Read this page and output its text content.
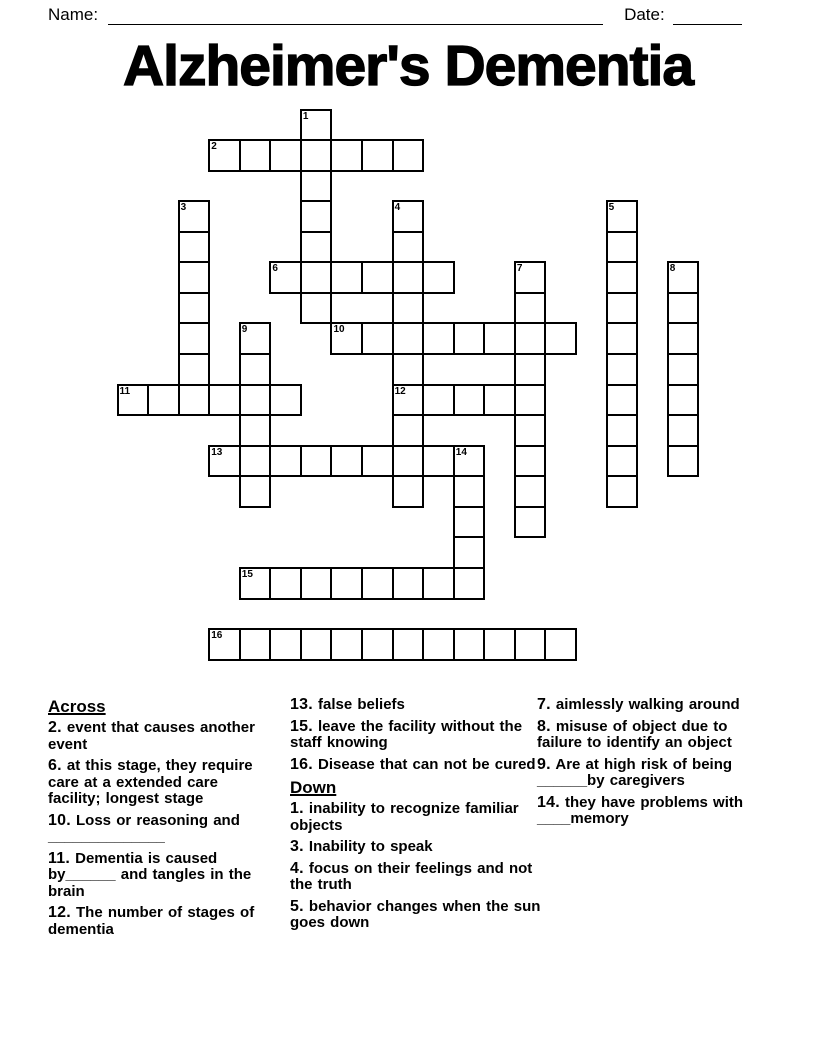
Name:	Date:
Alzheimer's Dementia
1
2
3	4
12
5
6	7	8
9	10
11
13	14
15
16

Across

2. event that causes another event

6. at this stage, they require care at a extended care facility; longest stage

10. Loss or reasoning and ______________

11. Dementia is caused by______ and tangles in the brain

12. The number of stages of dementia

13. false beliefs

15. leave the facility without the staff knowing

16. Disease that can not be cured

Down

1. inability to recognize familiar objects

3. Inability to speak

4. focus on their feelings and not the truth

5. behavior changes when the sun goes down

7. aimlessly walking around

8. misuse of object due to failure to identify an object

9. Are at high risk of being ______by caregivers

14. they have problems with ____memory
